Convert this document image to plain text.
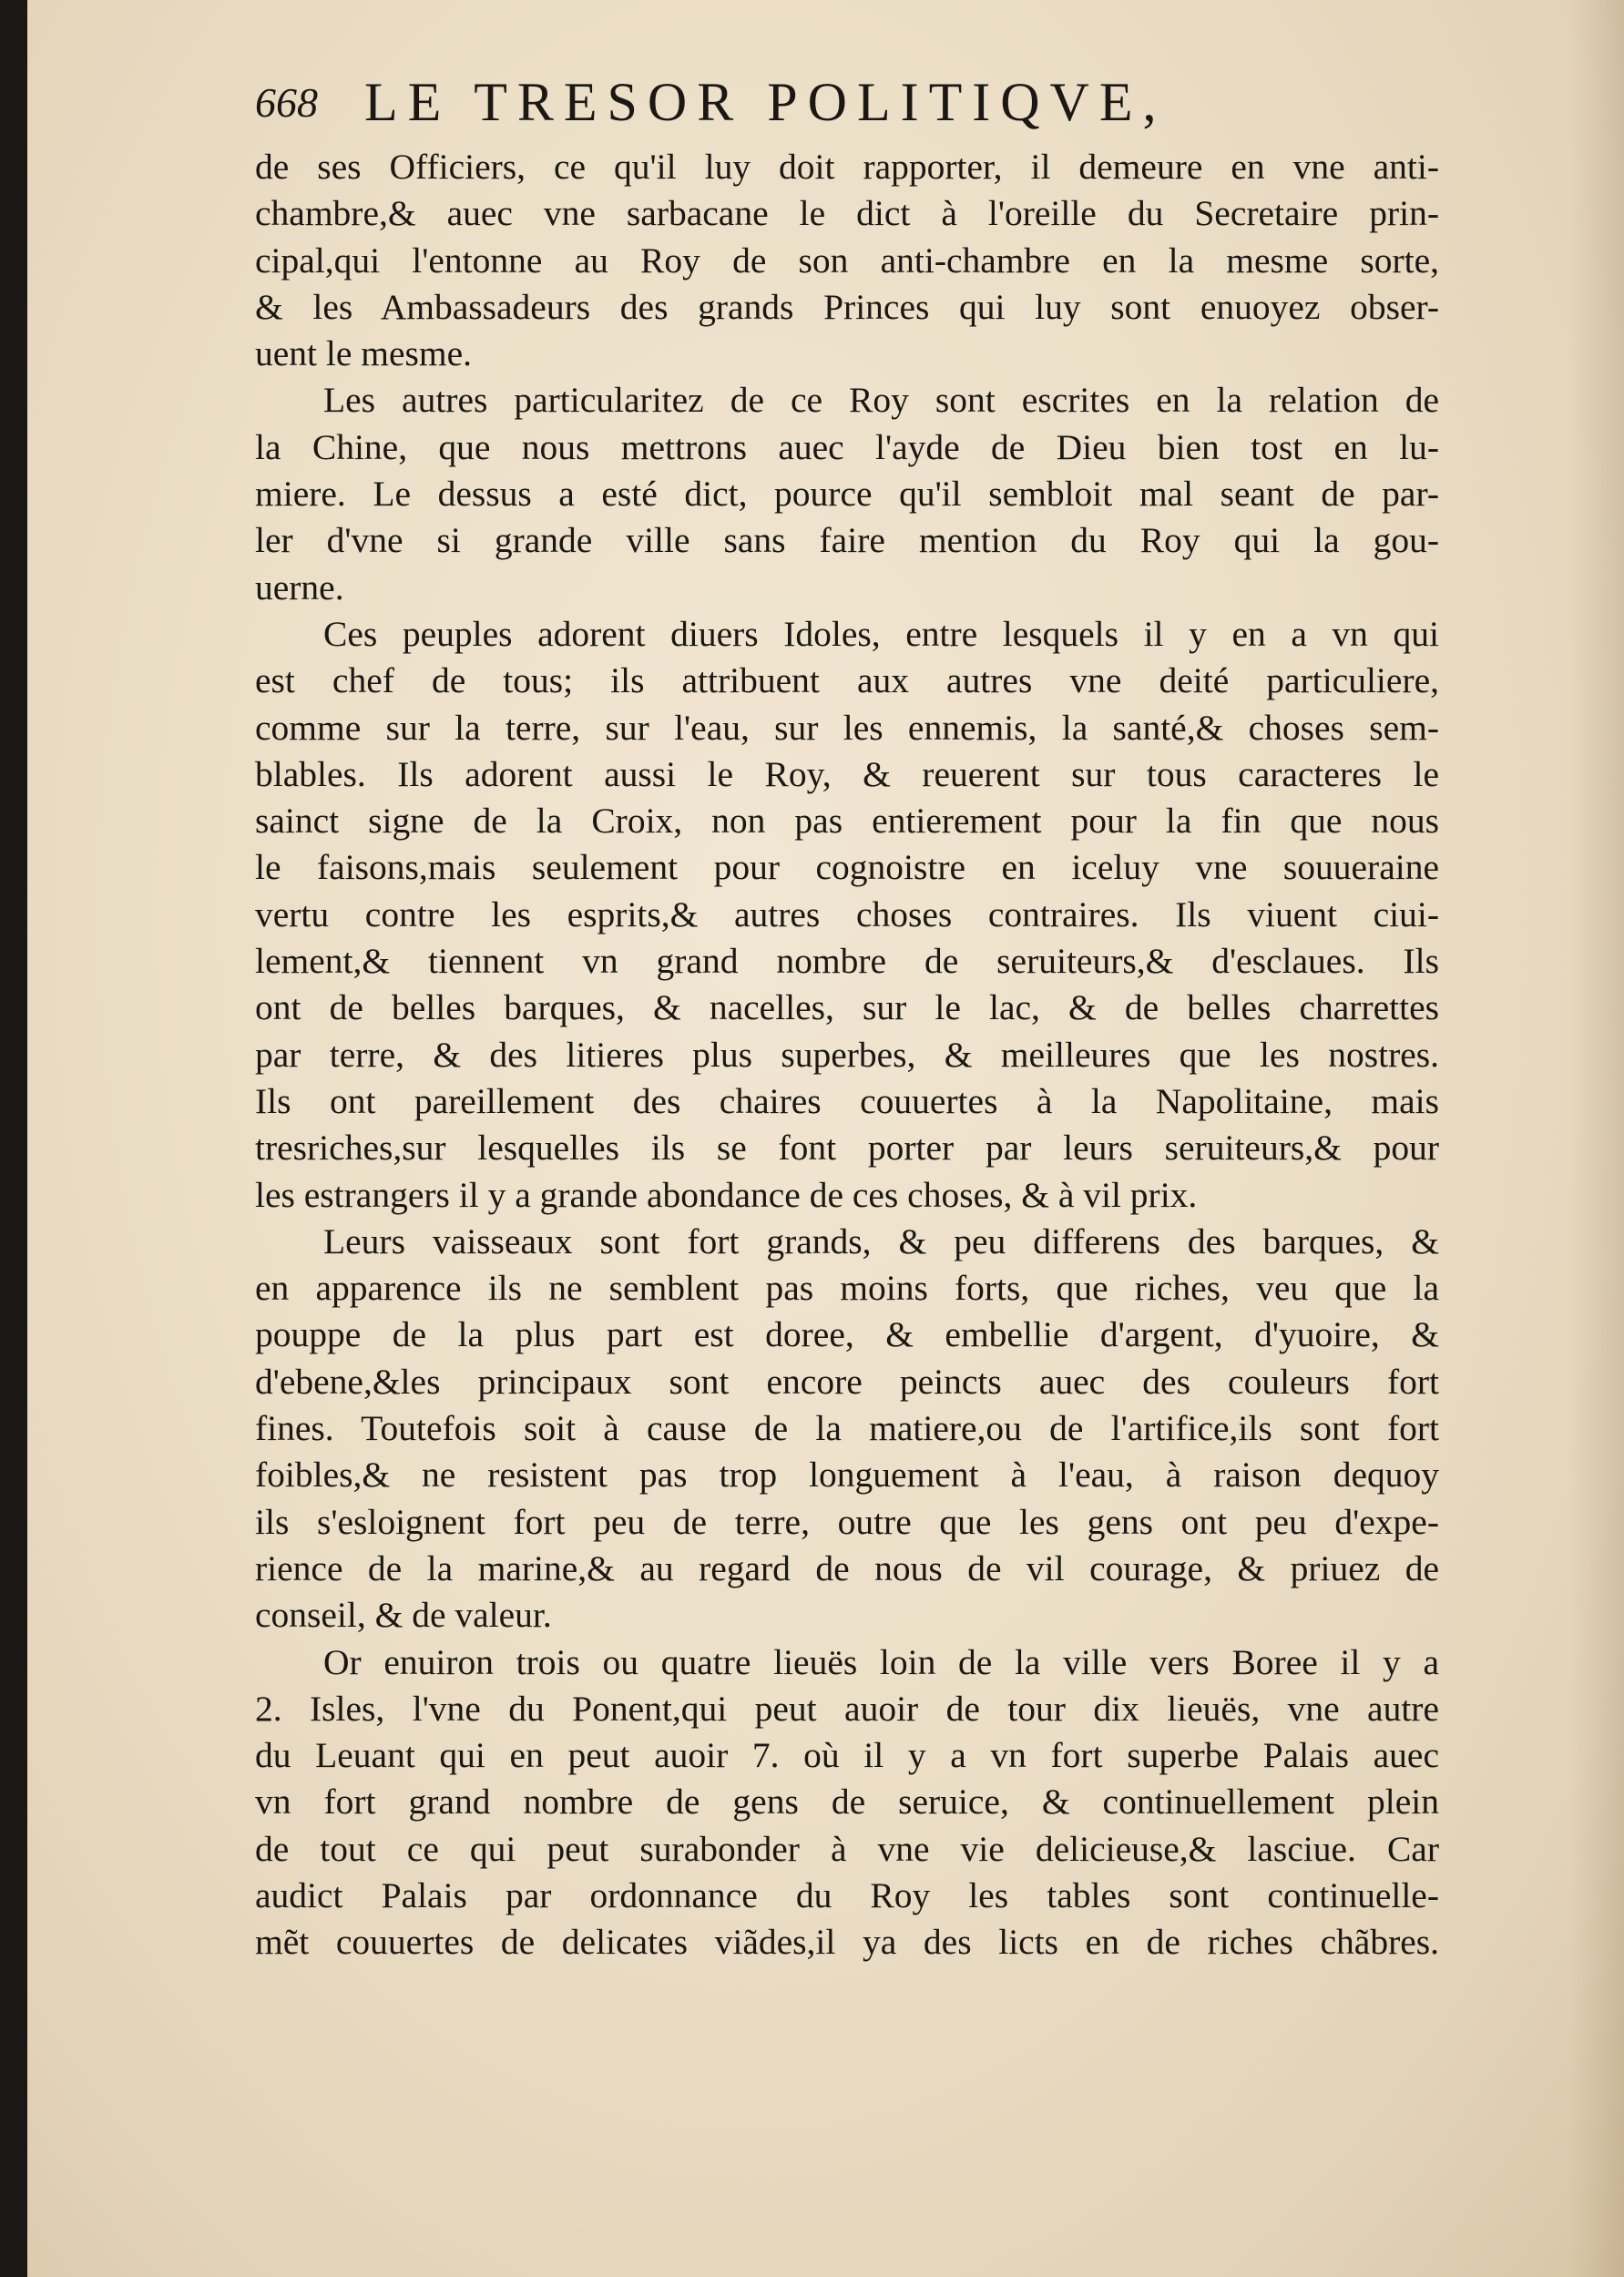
668 LE TRESOR POLITIQVE,
de ses Officiers, ce qu'il luy doit rapporter, il demeure en vne anti-
chambre,& auec vne sarbacane le dict à l'oreille du Secretaire prin-
cipal,qui l'entonne au Roy de son anti-chambre en la mesme sorte,
& les Ambassadeurs des grands Princes qui luy sont enuoyez obser-
uent le mesme.
Les autres particularitez de ce Roy sont escrites en la relation de
la Chine, que nous mettrons auec l'ayde de Dieu bien tost en lu-
miere. Le dessus a esté dict, pource qu'il sembloit mal seant de par-
ler d'vne si grande ville sans faire mention du Roy qui la gou-
uerne.
Ces peuples adorent diuers Idoles, entre lesquels il y en a vn qui
est chef de tous; ils attribuent aux autres vne deité particuliere,
comme sur la terre, sur l'eau, sur les ennemis, la santé,& choses sem-
blables. Ils adorent aussi le Roy, & reuerent sur tous caracteres le
sainct signe de la Croix, non pas entierement pour la fin que nous
le faisons,mais seulement pour cognoistre en iceluy vne souueraine
vertu contre les esprits,& autres choses contraires. Ils viuent ciui-
lement,& tiennent vn grand nombre de seruiteurs,& d'esclaues. Ils
ont de belles barques, & nacelles, sur le lac, & de belles charrettes
par terre, & des litieres plus superbes, & meilleures que les nostres.
Ils ont pareillement des chaires couuertes à la Napolitaine, mais
tresriches,sur lesquelles ils se font porter par leurs seruiteurs,& pour
les estrangers il y a grande abondance de ces choses, & à vil prix.
Leurs vaisseaux sont fort grands, & peu differens des barques, &
en apparence ils ne semblent pas moins forts, que riches, veu que la
pouppe de la plus part est doree, & embellie d'argent, d'yuoire, &
d'ebene,&les principaux sont encore peincts auec des couleurs fort
fines. Toutefois soit à cause de la matiere,ou de l'artifice,ils sont fort
foibles,& ne resistent pas trop longuement à l'eau, à raison dequoy
ils s'esloignent fort peu de terre, outre que les gens ont peu d'expe-
rience de la marine,& au regard de nous de vil courage, & priuez de
conseil, & de valeur.
Or enuiron trois ou quatre lieuës loin de la ville vers Boree il y a
2. Isles, l'vne du Ponent,qui peut auoir de tour dix lieuës, vne autre
du Leuant qui en peut auoir 7. où il y a vn fort superbe Palais auec
vn fort grand nombre de gens de seruice, & continuellement plein
de tout ce qui peut surabonder à vne vie delicieuse,& lasciue. Car
audict Palais par ordonnance du Roy les tables sont continuelle-
mẽt couuertes de delicates viãdes,il ya des licts en de riches chãbres.
